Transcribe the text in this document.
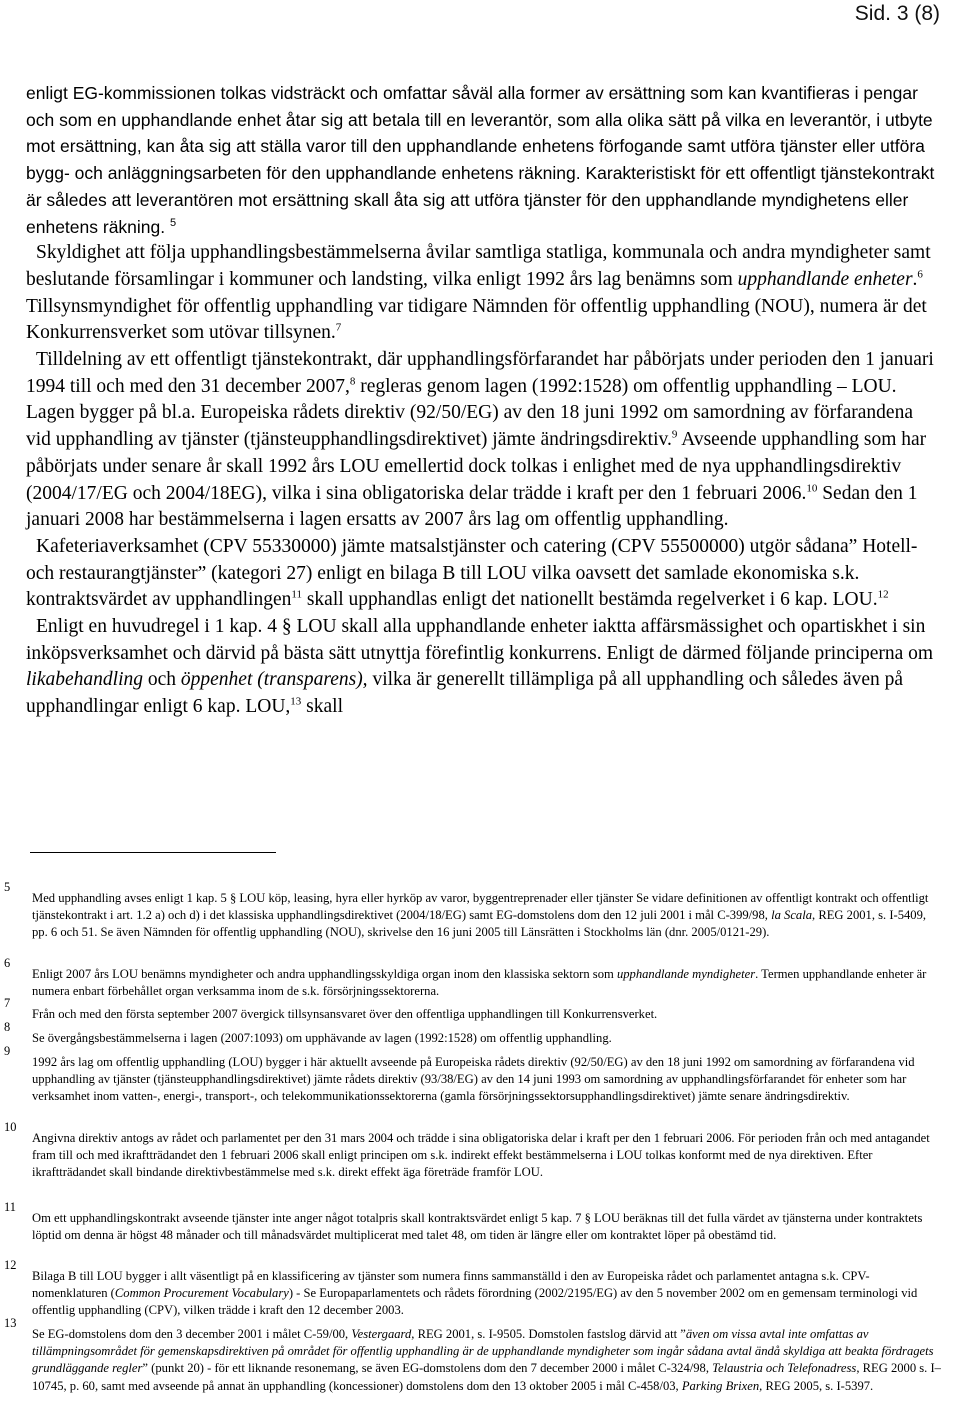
Sid. 3 (8)

enligt EG-kommissionen tolkas vidsträckt och omfattar såväl alla former av ersättning som kan kvantifieras i pengar och som en upphandlande enhet åtar sig att betala till en leverantör, som alla olika sätt på vilka en leverantör, i utbyte mot ersättning, kan åta sig att ställa varor till den upphandlande enhetens förfogande samt utföra tjänster eller utföra bygg- och anläggningsarbeten för den upphandlande enhetens räkning. Karakteristiskt för ett offentligt tjänstekontrakt är således att leverantören mot ersättning skall åta sig att utföra tjänster för den upphandlande myndighetens eller enhetens räkning. $^5$

Skyldighet att följa upphandlingsbestämmelserna åvilar samtliga statliga, kommunala och andra myndigheter samt beslutande församlingar i kommuner och landsting, vilka enligt 1992 års lag benämns som upphandlande enheter.$^6$ Tillsynsmyndighet för offentlig upphandling var tidigare Nämnden för offentlig upphandling (NOU), numera är det Konkurrensverket som utövar tillsynen.$^7$

Tilldelning av ett offentligt tjänstekontrakt, där upphandlingsförfarandet har påbörjats under perioden den 1 januari 1994 till och med den 31 december 2007,$^8$ regleras genom lagen (1992:1528) om offentlig upphandling – LOU. Lagen bygger på bl.a. Europeiska rådets direktiv (92/50/EG) av den 18 juni 1992 om samordning av förfarandena vid upphandling av tjänster (tjänsteupphandlingsdirektivet) jämte ändringsdirektiv.$^9$ Avseende upphandling som har påbörjats under senare år skall 1992 års LOU emellertid dock tolkas i enlighet med de nya upphandlingsdirektiv (2004/17/EG och 2004/18EG), vilka i sina obligatoriska delar trädde i kraft per den 1 februari 2006.10 Sedan den 1 januari 2008 har bestämmelserna i lagen ersatts av 2007 års lag om offentlig upphandling.

Kafeteriaverksamhet (CPV 55330000) jämte matsalstjänster och catering (CPV 55500000) utgör sådana” Hotell- och restaurangtjänster” (kategori 27) enligt en bilaga B till LOU vilka oavsett det samlade ekonomiska s.k. kontraktsvärdet av upphandlingen$^{11}$ skall upphandlas enligt det nationellt bestämda regelverket i 6 kap. LOU.$^{12}$

Enligt en huvudregel i 1 kap. 4 § LOU skall alla upphandlande enheter iaktta affärsmässighet och opartiskhet i sin inköpsverksamhet och därvid på bästa sätt utnyttja förefintlig konkurrens. Enligt de därmed följande principerna om likabehandling och öppenhet (transparens), vilka är generellt tillämpliga på all upphandling och således även på upphandlingar enligt 6 kap. LOU,$^{13}$ skall

5
Med upphandling avses enligt 1 kap. 5 § LOU köp, leasing, hyra eller hyrköp av varor, byggentreprenader eller tjänster Se vidare definitionen av offentligt kontrakt och offentligt tjänstekontrakt i art. 1.2 a) och d) i det klassiska upphandlingsdirektivet (2004/18/EG) samt EG-domstolens dom den 12 juli 2001 i mål C-399/98, la Scala, REG 2001, s. I-5409, pp. 6 och 51. Se även Nämnden för offentlig upphandling (NOU), skrivelse den 16 juni 2005 till Länsrätten i Stockholms län (dnr. 2005/0121-29).
6
Enligt 2007 års LOU benämns myndigheter och andra upphandlingsskyldiga organ inom den klassiska sektorn som upphandlande myndigheter. Termen upphandlande enheter är numera enbart förbehållet organ verksamma inom de s.k. försörjningssektorerna.
7
Från och med den första september 2007 övergick tillsynsansvaret över den offentliga upphandlingen till Konkurrensverket.
8
Se övergångsbestämmelserna i lagen (2007:1093) om upphävande av lagen (1992:1528) om offentlig upphandling.
9
1992 års lag om offentlig upphandling (LOU) bygger i här aktuellt avseende på Europeiska rådets direktiv (92/50/EG) av den 18 juni 1992 om samordning av förfarandena vid upphandling av tjänster (tjänsteupphandlingsdirektivet) jämte rådets direktiv (93/38/EG) av den 14 juni 1993 om samordning av upphandlingsförfarandet för enheter som har verksamhet inom vatten-, energi-, transport-, och telekommunikationssektorerna (gamla försörjningssektorsupphandlingsdirektivet) jämte senare ändringsdirektiv.
10
Angivna direktiv antogs av rådet och parlamentet per den 31 mars 2004 och trädde i sina obligatoriska delar i kraft per den 1 februari 2006. För perioden från och med antagandet fram till och med ikraftträdandet den 1 februari 2006 skall enligt principen om s.k. indirekt effekt bestämmelserna i LOU tolkas konformt med de nya direktiven. Efter ikraftträdandet skall bindande direktivbestämmelse med s.k. direkt effekt äga företräde framför LOU.
11
Om ett upphandlingskontrakt avseende tjänster inte anger något totalpris skall kontraktsvärdet enligt 5 kap. 7 § LOU beräknas till det fulla värdet av tjänsterna under kontraktets löptid om denna är högst 48 månader och till månadsvärdet multiplicerat med talet 48, om tiden är längre eller om kontraktet löper på obestämd tid.
12
Bilaga B till LOU bygger i allt väsentligt på en klassificering av tjänster som numera finns sammanställd i den av Europeiska rådet och parlamentet antagna s.k. CPV-nomenklaturen (Common Procurement Vocabulary) - Se Europaparlamentets och rådets förordning (2002/2195/EG) av den 5 november 2002 om en gemensam terminologi vid offentlig upphandling (CPV), vilken trädde i kraft den 12 december 2003.
13
Se EG-domstolens dom den 3 december 2001 i målet C-59/00, Vestergaard, REG 2001, s. I-9505. Domstolen fastslog därvid att ”även om vissa avtal inte omfattas av tillämpningsområdet för gemenskapsdirektiven på området för offentlig upphandling är de upphandlande myndigheter som ingår sådana avtal ändå skyldiga att beakta fördragets grundläggande regler” (punkt 20) - för ett liknande resonemang, se även EG-domstolens dom den 7 december 2000 i målet C-324/98, Telaustria och Telefonadress, REG 2000 s. I–10745, p. 60, samt med avseende på annat än upphandling (koncessioner) domstolens dom den 13 oktober 2005 i mål C-458/03, Parking Brixen, REG 2005, s. I-5397.
